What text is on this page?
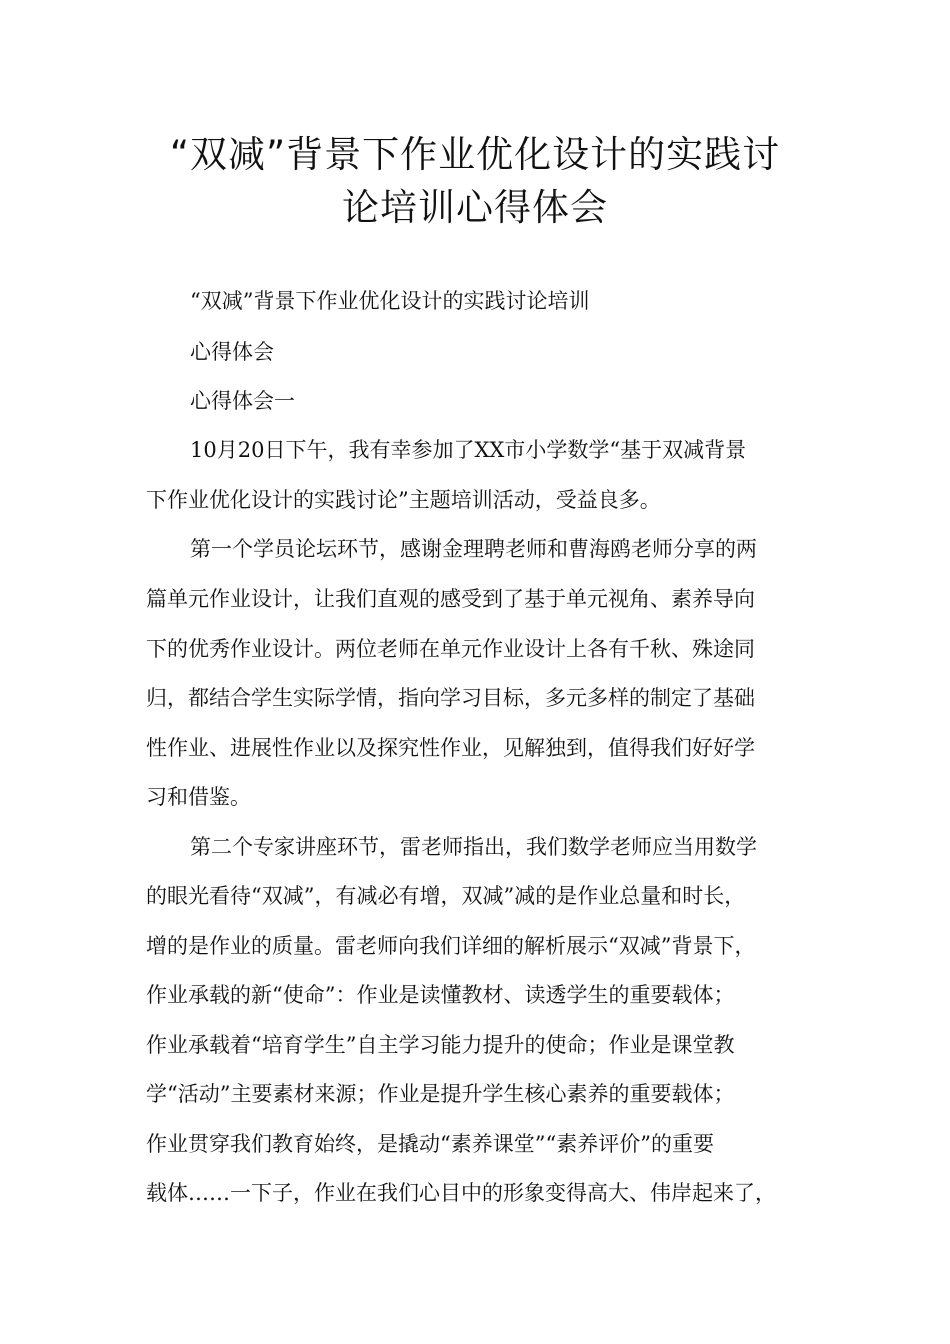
“双减”背景下作业优化设计的实践讨
论培训心得体会
“双减”背景下作业优化设计的实践讨论培训
心得体会
心得体会一
10月20日下午，我有幸参加了XX市小学数学“基于双减背景
下作业优化设计的实践讨论”主题培训活动，受益良多。
第一个学员论坛环节，感谢金理聘老师和曹海鸥老师分享的两
篇单元作业设计，让我们直观的感受到了基于单元视角、素养导向
下的优秀作业设计。两位老师在单元作业设计上各有千秋、殊途同
归，都结合学生实际学情，指向学习目标，多元多样的制定了基础
性作业、进展性作业以及探究性作业，见解独到，值得我们好好学
习和借鉴。
第二个专家讲座环节，雷老师指出，我们数学老师应当用数学
的眼光看待“双减”，有减必有增，双减”减的是作业总量和时长，
增的是作业的质量。雷老师向我们详细的解析展示“双减”背景下，
作业承载的新“使命”：作业是读懂教材、读透学生的重要载体；
作业承载着“培育学生”自主学习能力提升的使命；作业是课堂教
学“活动”主要素材来源；作业是提升学生核心素养的重要载体；
作业贯穿我们教育始终，是撬动“素养课堂”“素养评价”的重要
载体……一下子，作业在我们心目中的形象变得高大、伟岸起来了，
